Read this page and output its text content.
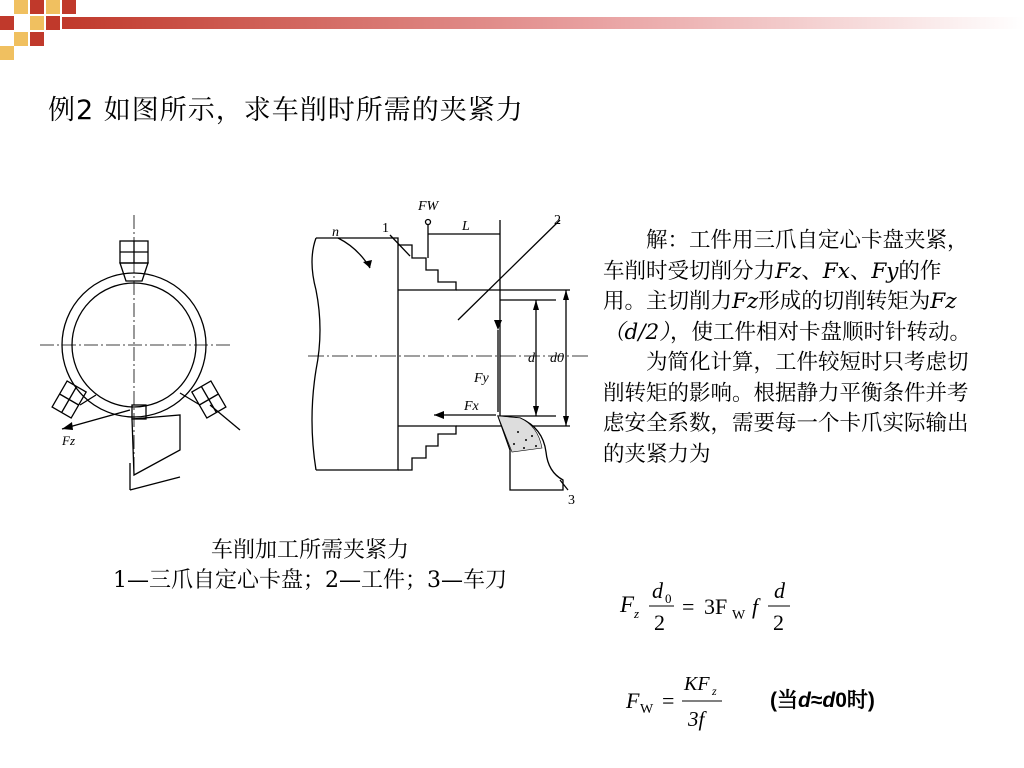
例2 如图所示，求车削时所需的夹紧力
Fz
FW
n	1
2
3
L
d d0
Fy
Fx
车削加工所需夹紧力
1—三爪自定心卡盘；2—工件；3—车刀

解：工件用三爪自定心卡盘夹紧，车削时受切削分力Fz、Fx、Fy的作用。主切削力Fz形成的切削转矩为Fz（d/2），使工件相对卡盘顺时针转动。

为简化计算，工件较短时只考虑切削转矩的影响。根据静力平衡条件并考虑安全系数，需要每一个卡爪实际输出的夹紧力为

F z
d 0
2
= 3F W f
d
2
F W =
KF z
3f
(当d≈d0时)
